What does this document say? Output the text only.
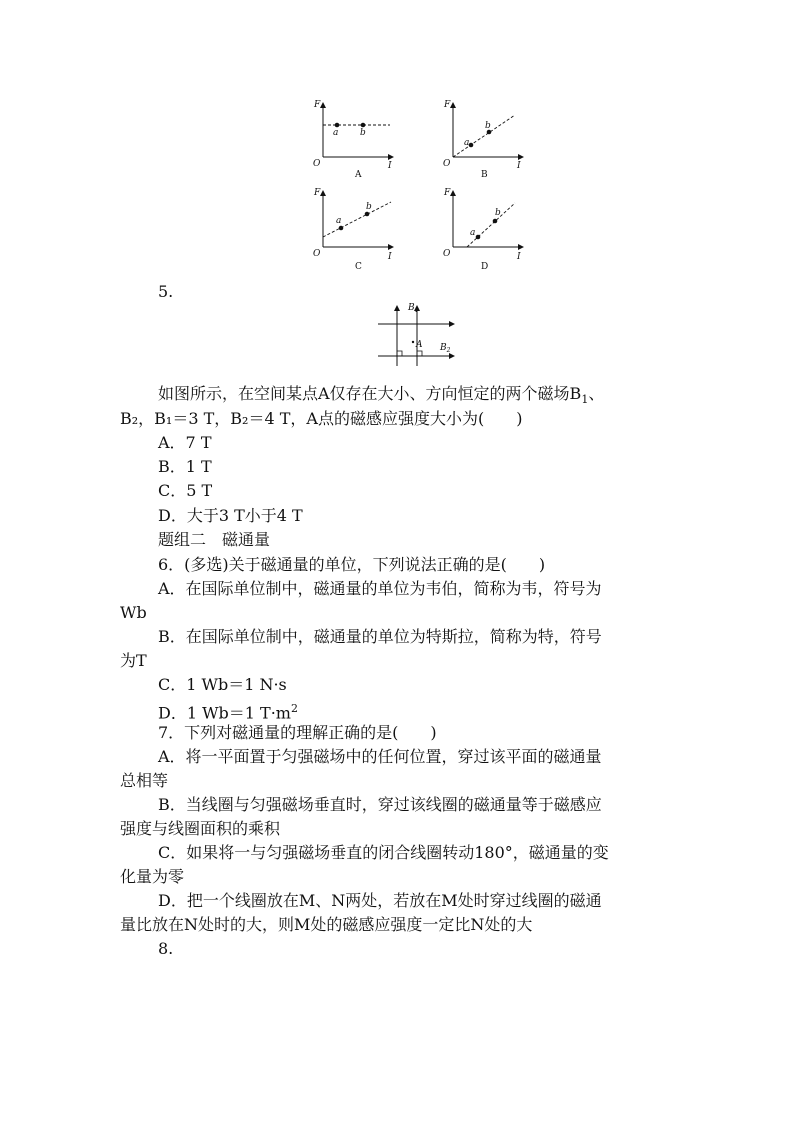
a b
F
O	I
A
a
b
F
O	I
B
a
b
F
O	I
C
a
b
F
O	I
D
5.
$B_1$
A $B_2$
如图所示，在空间某点A仅存在大小、方向恒定的两个磁场$B_1$、
B₂，B₁＝3 T，B₂＝4 T，A点的磁感应强度大小为(　　)
A．7 T
B．1 T
C．5 T
D．大于3 T小于4 T
题组二　磁通量
6．(多选)关于磁通量的单位，下列说法正确的是(　　)
A．在国际单位制中，磁通量的单位为韦伯，简称为韦，符号为
Wb
B．在国际单位制中，磁通量的单位为特斯拉，简称为特，符号
为T
C．1 Wb＝1 N·s
D．1 Wb＝1 $T\cdot m^2$
7．下列对磁通量的理解正确的是(　　)
A．将一平面置于匀强磁场中的任何位置，穿过该平面的磁通量
总相等
B．当线圈与匀强磁场垂直时，穿过该线圈的磁通量等于磁感应
强度与线圈面积的乘积
C．如果将一与匀强磁场垂直的闭合线圈转动180°，磁通量的变
化量为零
D．把一个线圈放在M、N两处，若放在M处时穿过线圈的磁通
量比放在N处时的大，则M处的磁感应强度一定比N处的大
8.
